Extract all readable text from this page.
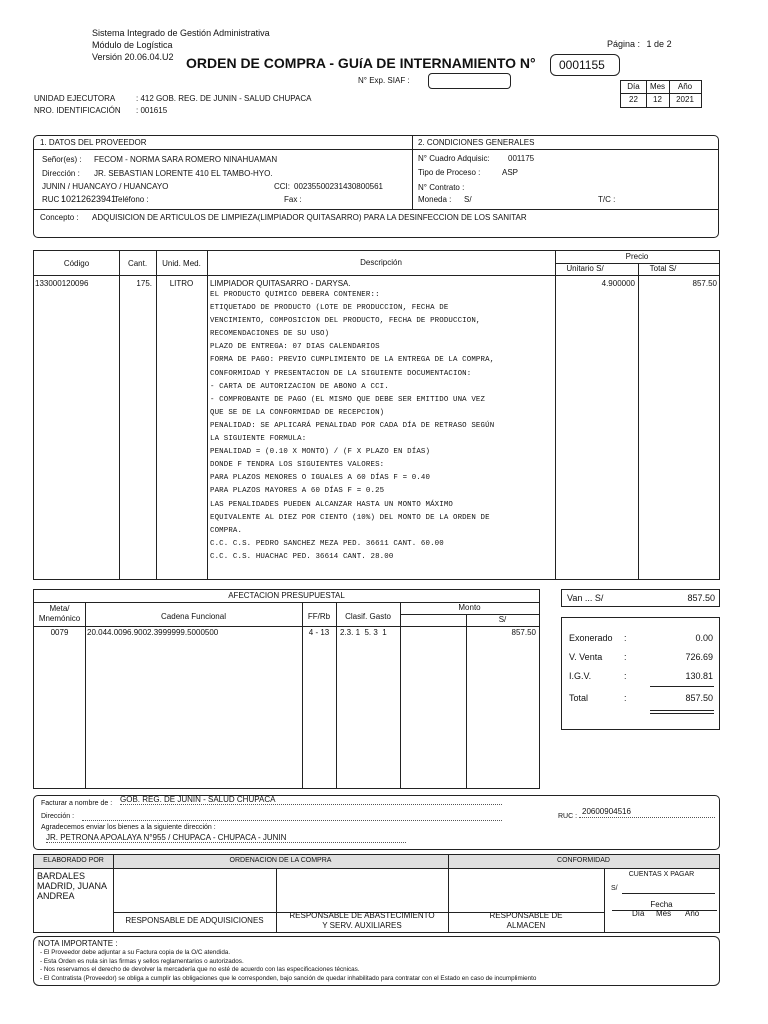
Sistema Integrado de Gestión Administrativa
Módulo de Logística
Versión 20.06.04.U2
Página : 1 de 2
ORDEN DE COMPRA - GUíA DE INTERNAMIENTO N°	0001155
N° Exp. SIAF :
Día	Mes	Año
22	12	2021
UNIDAD EJECUTORA	: 412 GOB. REG. DE JUNIN - SALUD CHUPACA
NRO. IDENTIFICACIÓN : 001615
1. DATOS DEL PROVEEDOR	2. CONDICIONES GENERALES
Señor(es) : FECOM - NORMA SARA ROMERO NINAHUAMAN
Dirección : JR. SEBASTIAN LORENTE 410 EL TAMBO-HYO.
JUNIN / HUANCAYO / HUANCAYO	CCI: 00235500231430800561
RUC :
10212623941
Teléfono :	Fax :
N° Cuadro Adquisic: 001175
Tipo de Proceso :	ASP
N° Contrato :
Moneda : S/	T/C :
Concepto : ADQUISICION DE ARTICULOS DE LIMPIEZA(LIMPIADOR QUITASARRO) PARA LA DESINFECCION DE LOS SANITAR
Código	Cant.	Unid. Med.	Descripción
Precio
Unitario S/	Total S/
133000120096	175.	LITRO	LIMPIADOR QUITASARRO - DARYSA.	4.900000	857.50
EL PRODUCTO QUIMICO DEBERA CONTENER::
ETIQUETADO DE PRODUCTO (LOTE DE PRODUCCION, FECHA DE
VENCIMIENTO, COMPOSICION DEL PRODUCTO, FECHA DE PRODUCCION,
RECOMENDACIONES DE SU USO)
PLAZO DE ENTREGA: 07 DIAS CALENDARIOS
FORMA DE PAGO: PREVIO CUMPLIMIENTO DE LA ENTREGA DE LA COMPRA,
CONFORMIDAD Y PRESENTACION DE LA SIGUIENTE DOCUMENTACION:
- CARTA DE AUTORIZACION DE ABONO A CCI.
- COMPROBANTE DE PAGO (EL MISMO QUE DEBE SER EMITIDO UNA VEZ
QUE SE DE LA CONFORMIDAD DE RECEPCION)
PENALIDAD: SE APLICARÁ PENALIDAD POR CADA DÍA DE RETRASO SEGÚN
LA SIGUIENTE FORMULA:
PENALIDAD = (0.10 X MONTO) / (F X PLAZO EN DÍAS)
DONDE F TENDRA LOS SIGUIENTES VALORES:
PARA PLAZOS MENORES O IGUALES A 60 DÍAS F = 0.40
PARA PLAZOS MAYORES A 60 DÍAS F = 0.25
LAS PENALIDADES PUEDEN ALCANZAR HASTA UN MONTO MÁXIMO
EQUIVALENTE AL DIEZ POR CIENTO (10%) DEL MONTO DE LA ORDEN DE
COMPRA.
C.C. C.S. PEDRO SANCHEZ MEZA PED. 36611 CANT. 60.00
C.C. C.S. HUACHAC PED. 36614 CANT. 28.00
AFECTACION PRESUPUESTAL
Meta/
Mnemónico	Cadena Funcional	FF/Rb	Clasif. Gasto
Monto
S/
0079	20.044.0096.9002.3999999.5000500	4 - 13	2.3. 1  5. 3  1	857.50
Van ... S/	857.50
Exonerado :	0.00
V. Venta :	726.69
I.G.V.	:	130.81
Total	:	857.50
Facturar a nombre de : GOB. REG. DE JUNIN - SALUD CHUPACA
Dirección :	RUC :
20600904516
Agradecemos enviar los bienes a la siguiente dirección :
JR. PETRONA APOALAYA N°955 / CHUPACA - CHUPACA - JUNIN
ELABORADO POR	ORDENACION DE LA COMPRA	CONFORMIDAD
BARDALES
MADRID, JUANA
ANDREA
RESPONSABLE DE ADQUISICIONES
RESPONSABLE DE ABASTECIMIENTO
Y SERV. AUXILIARES
RESPONSABLE DE
ALMACEN
CUENTAS X PAGAR
S/
Fecha
Día Mes Año
NOTA IMPORTANTE :
- El Proveedor debe adjuntar a su Factura copia de la O/C atendida.
- Esta Orden es nula sin las firmas y sellos reglamentarios o autorizados.
- Nos reservamos el derecho de devolver la mercadería que no esté de acuerdo con las especificaciones técnicas.
- El Contratista (Proveedor) se obliga a cumplir las obligaciones que le corresponden, bajo sanción de quedar inhabilitado para contratar con el Estado en caso de incumplimiento
